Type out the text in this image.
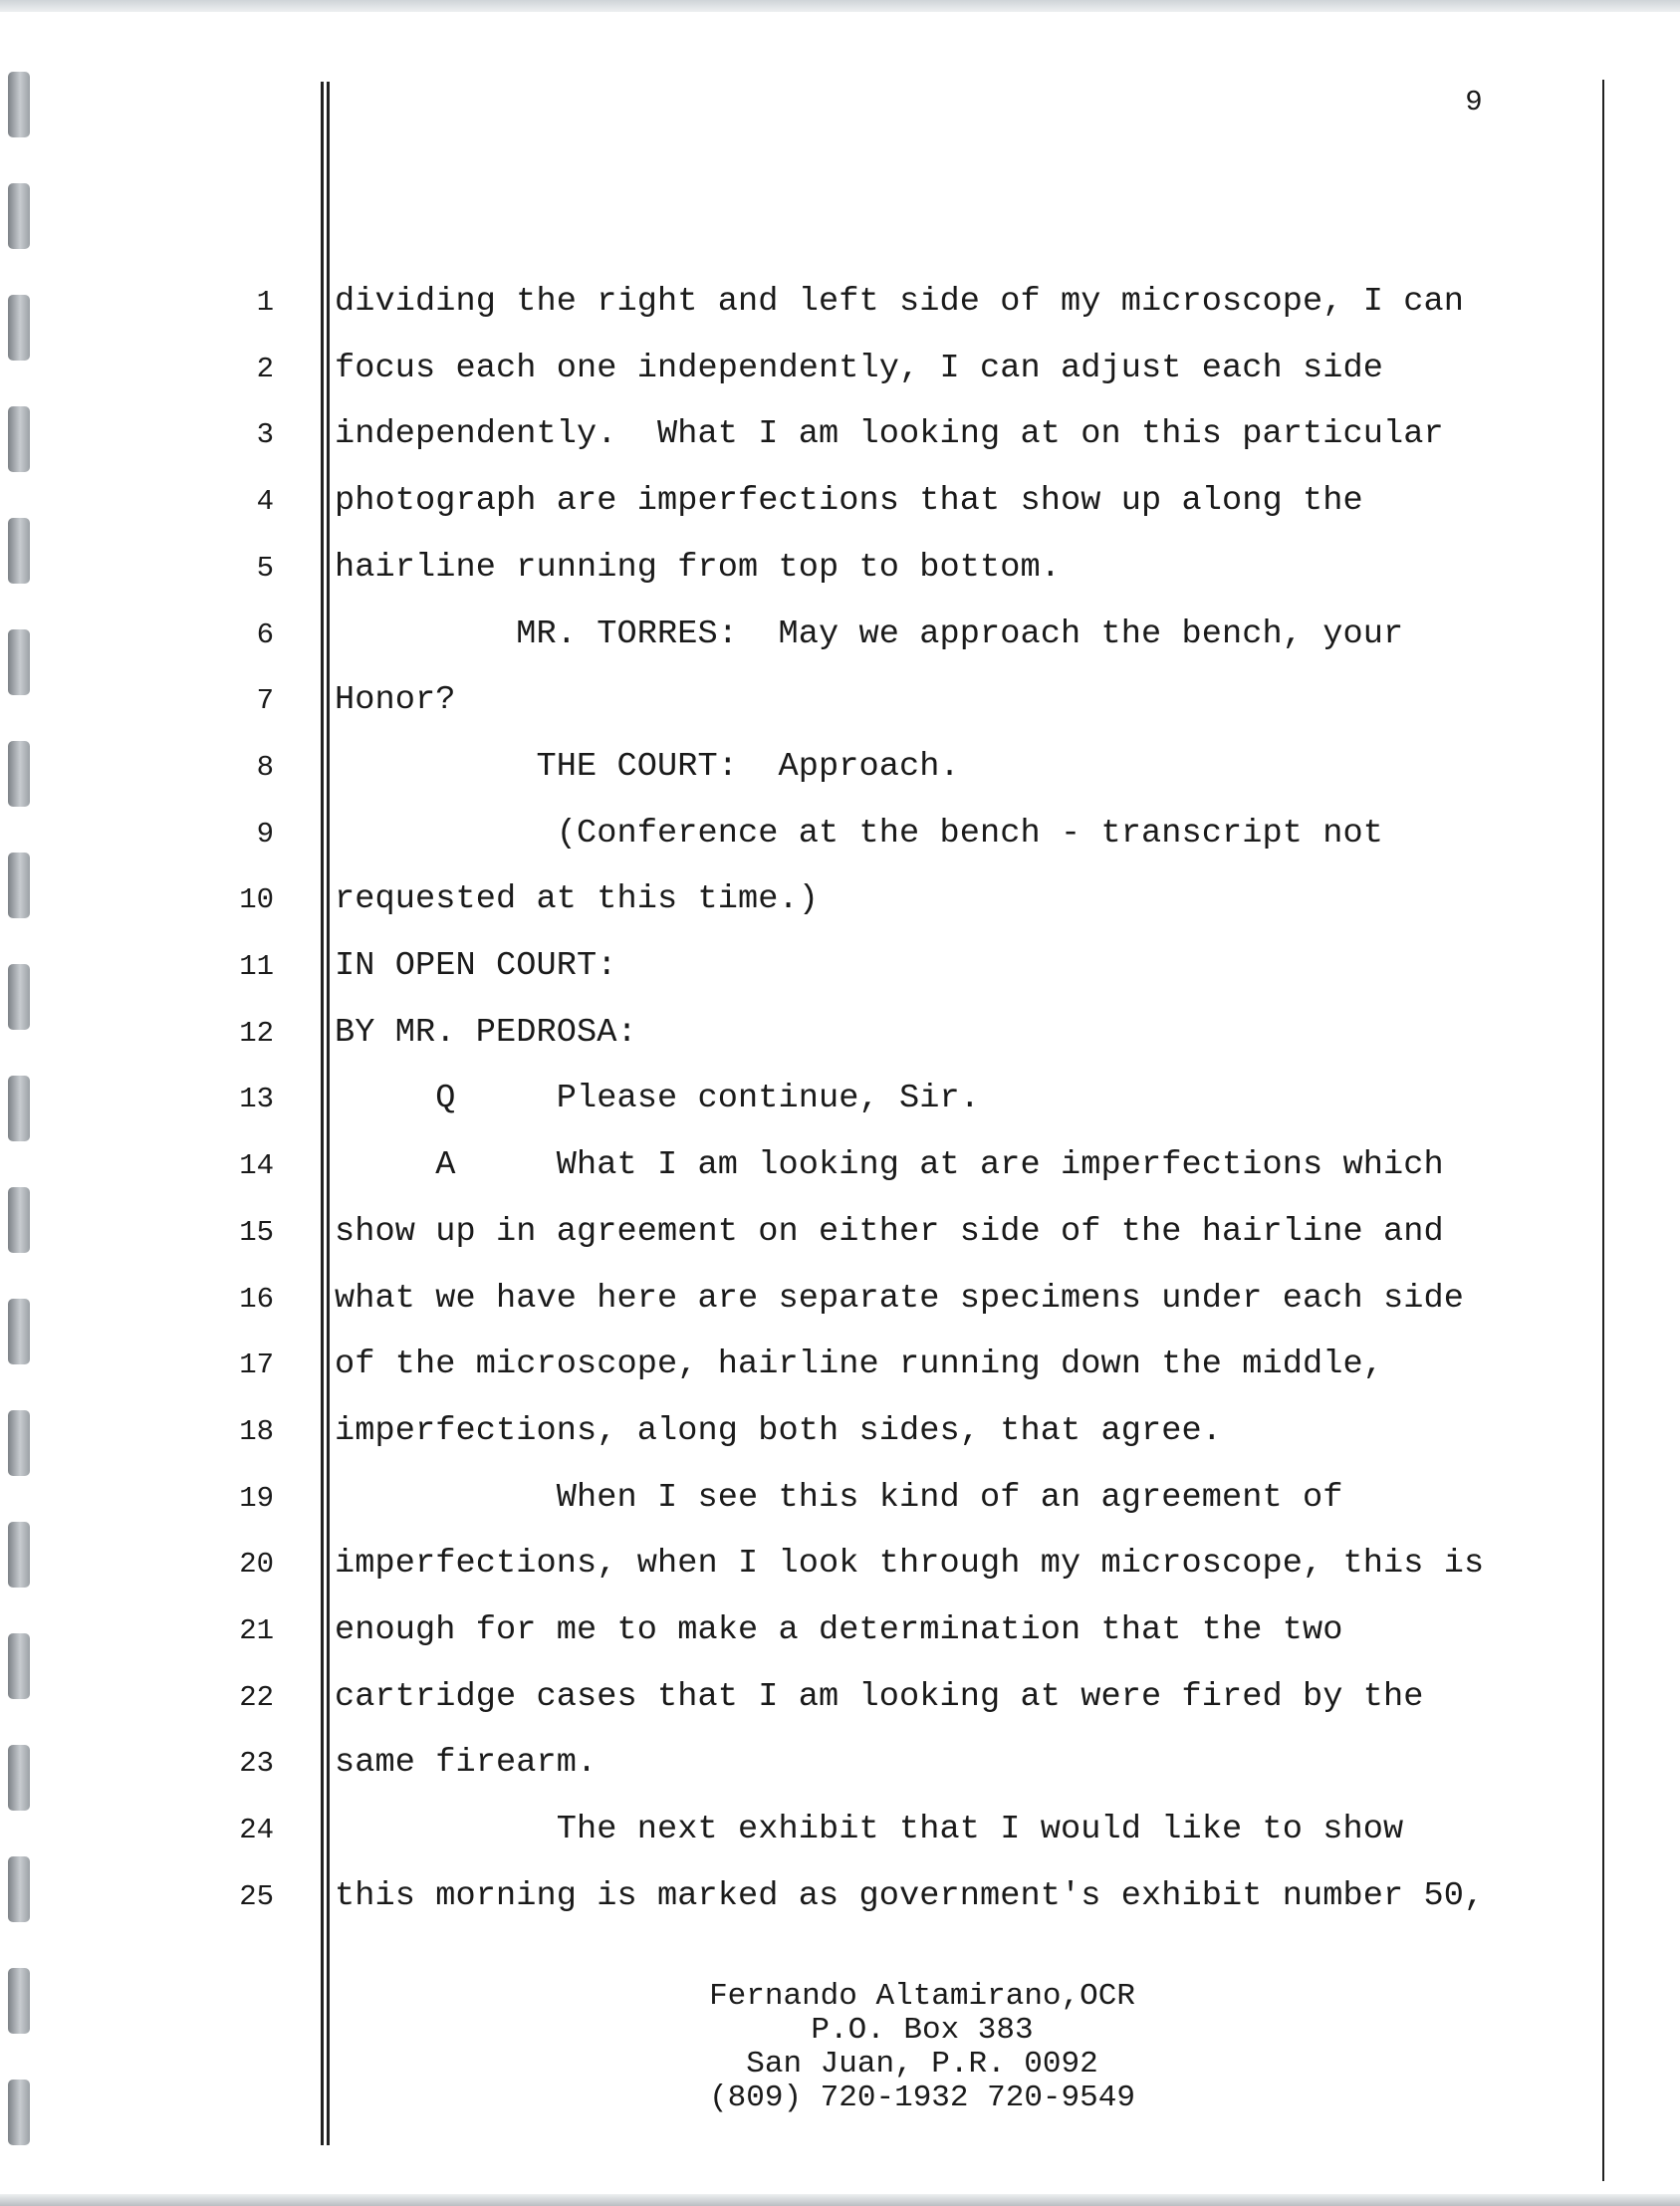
9
1 dividing the right and left side of my microscope, I can
2 focus each one independently, I can adjust each side
3 independently.  What I am looking at on this particular
4 photograph are imperfections that show up along the
5 hairline running from top to bottom.
6 MR. TORRES:  May we approach the bench, your
7 Honor?
8 THE COURT:  Approach.
9 (Conference at the bench - transcript not
10 requested at this time.)
11 IN OPEN COURT:
12 BY MR. PEDROSA:
13 Q     Please continue, Sir.
14 A     What I am looking at are imperfections which
15 show up in agreement on either side of the hairline and
16 what we have here are separate specimens under each side
17 of the microscope, hairline running down the middle,
18 imperfections, along both sides, that agree.
19 When I see this kind of an agreement of
20 imperfections, when I look through my microscope, this is
21 enough for me to make a determination that the two
22 cartridge cases that I am looking at were fired by the
23 same firearm.
24 The next exhibit that I would like to show
25 this morning is marked as government's exhibit number 50,
Fernando Altamirano,OCR
P.O. Box 383
San Juan, P.R. 0092
(809) 720-1932 720-9549
